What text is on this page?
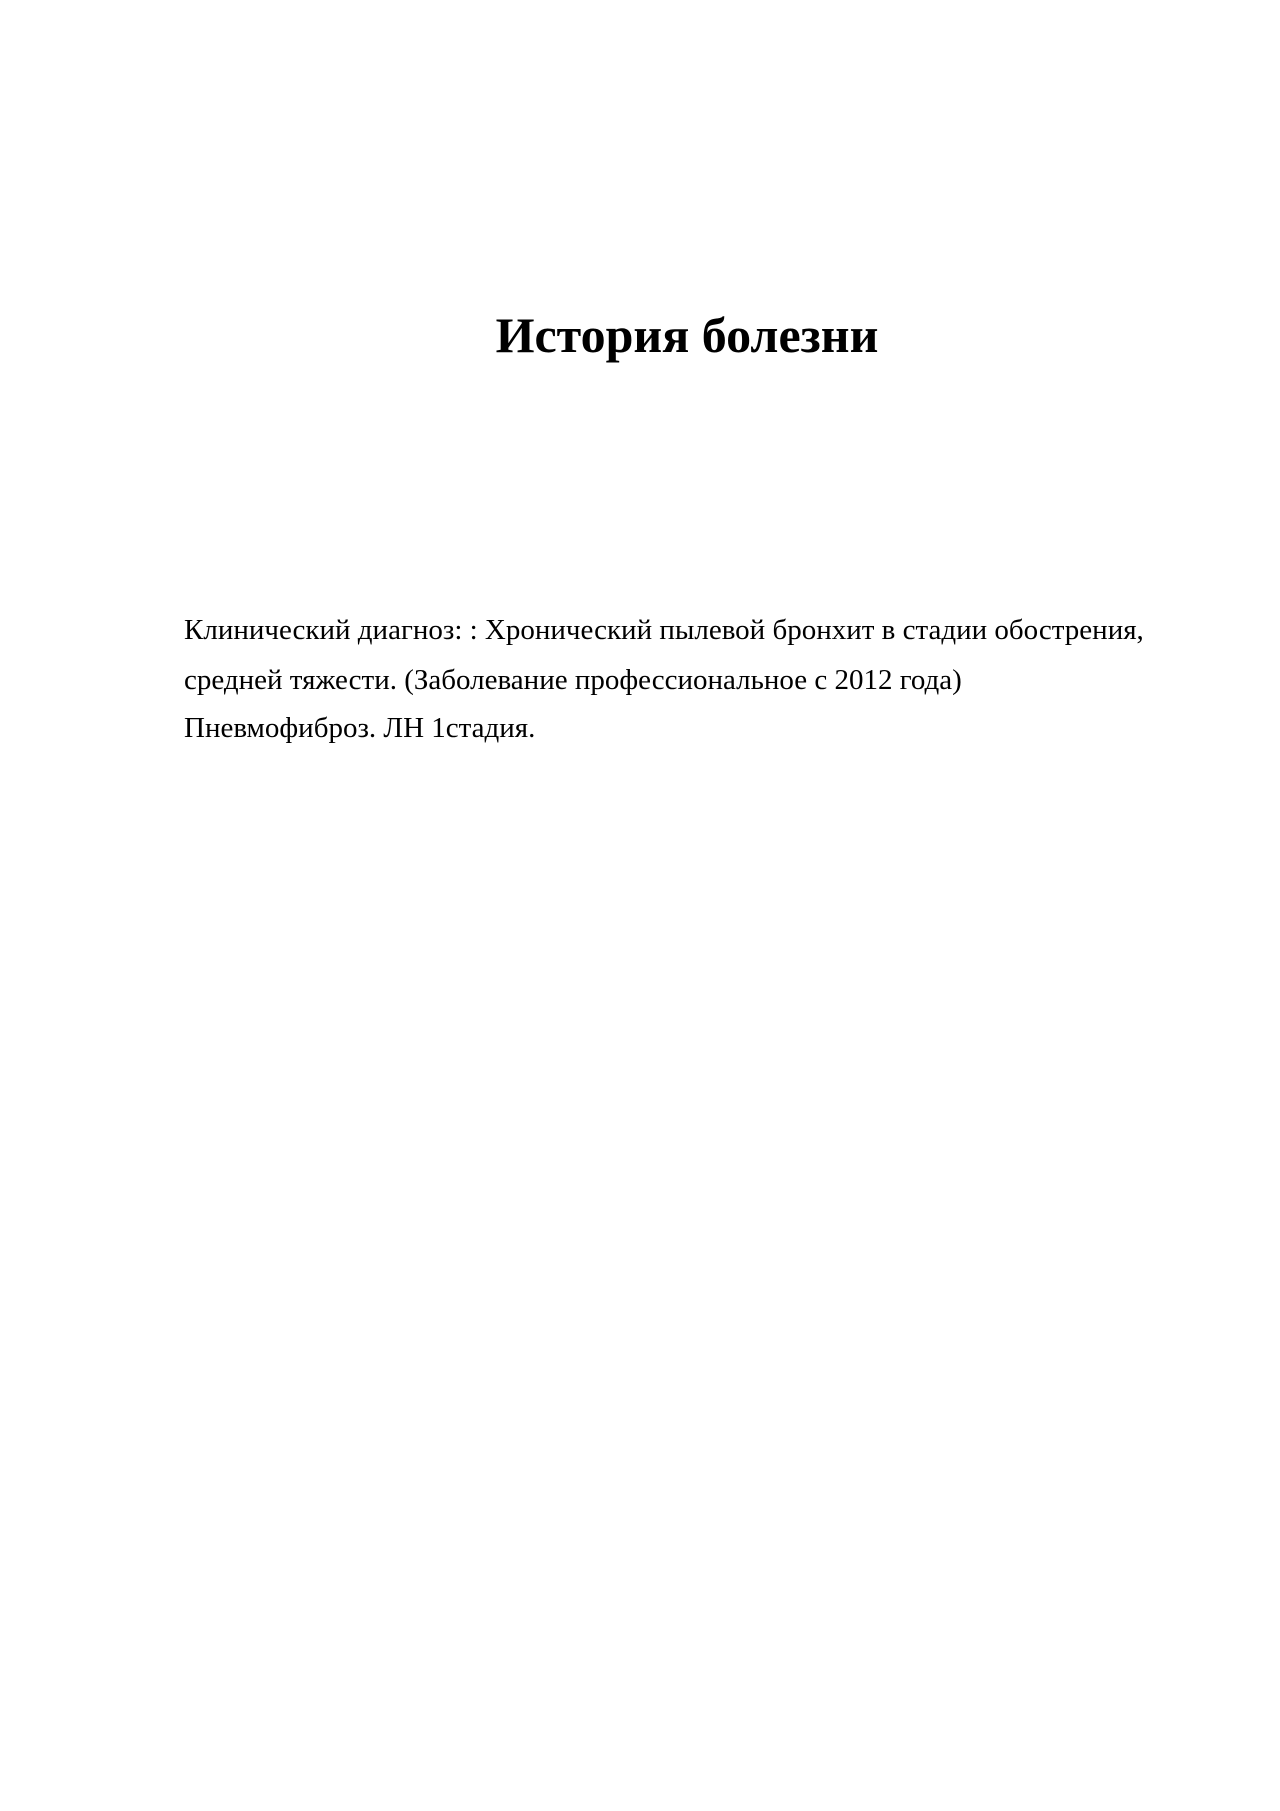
История болезни

Клинический диагноз: : Хронический пылевой бронхит в стадии обострения,
средней тяжести. (Заболевание профессиональное с 2012 года)
Пневмофиброз. ЛН 1стадия.
